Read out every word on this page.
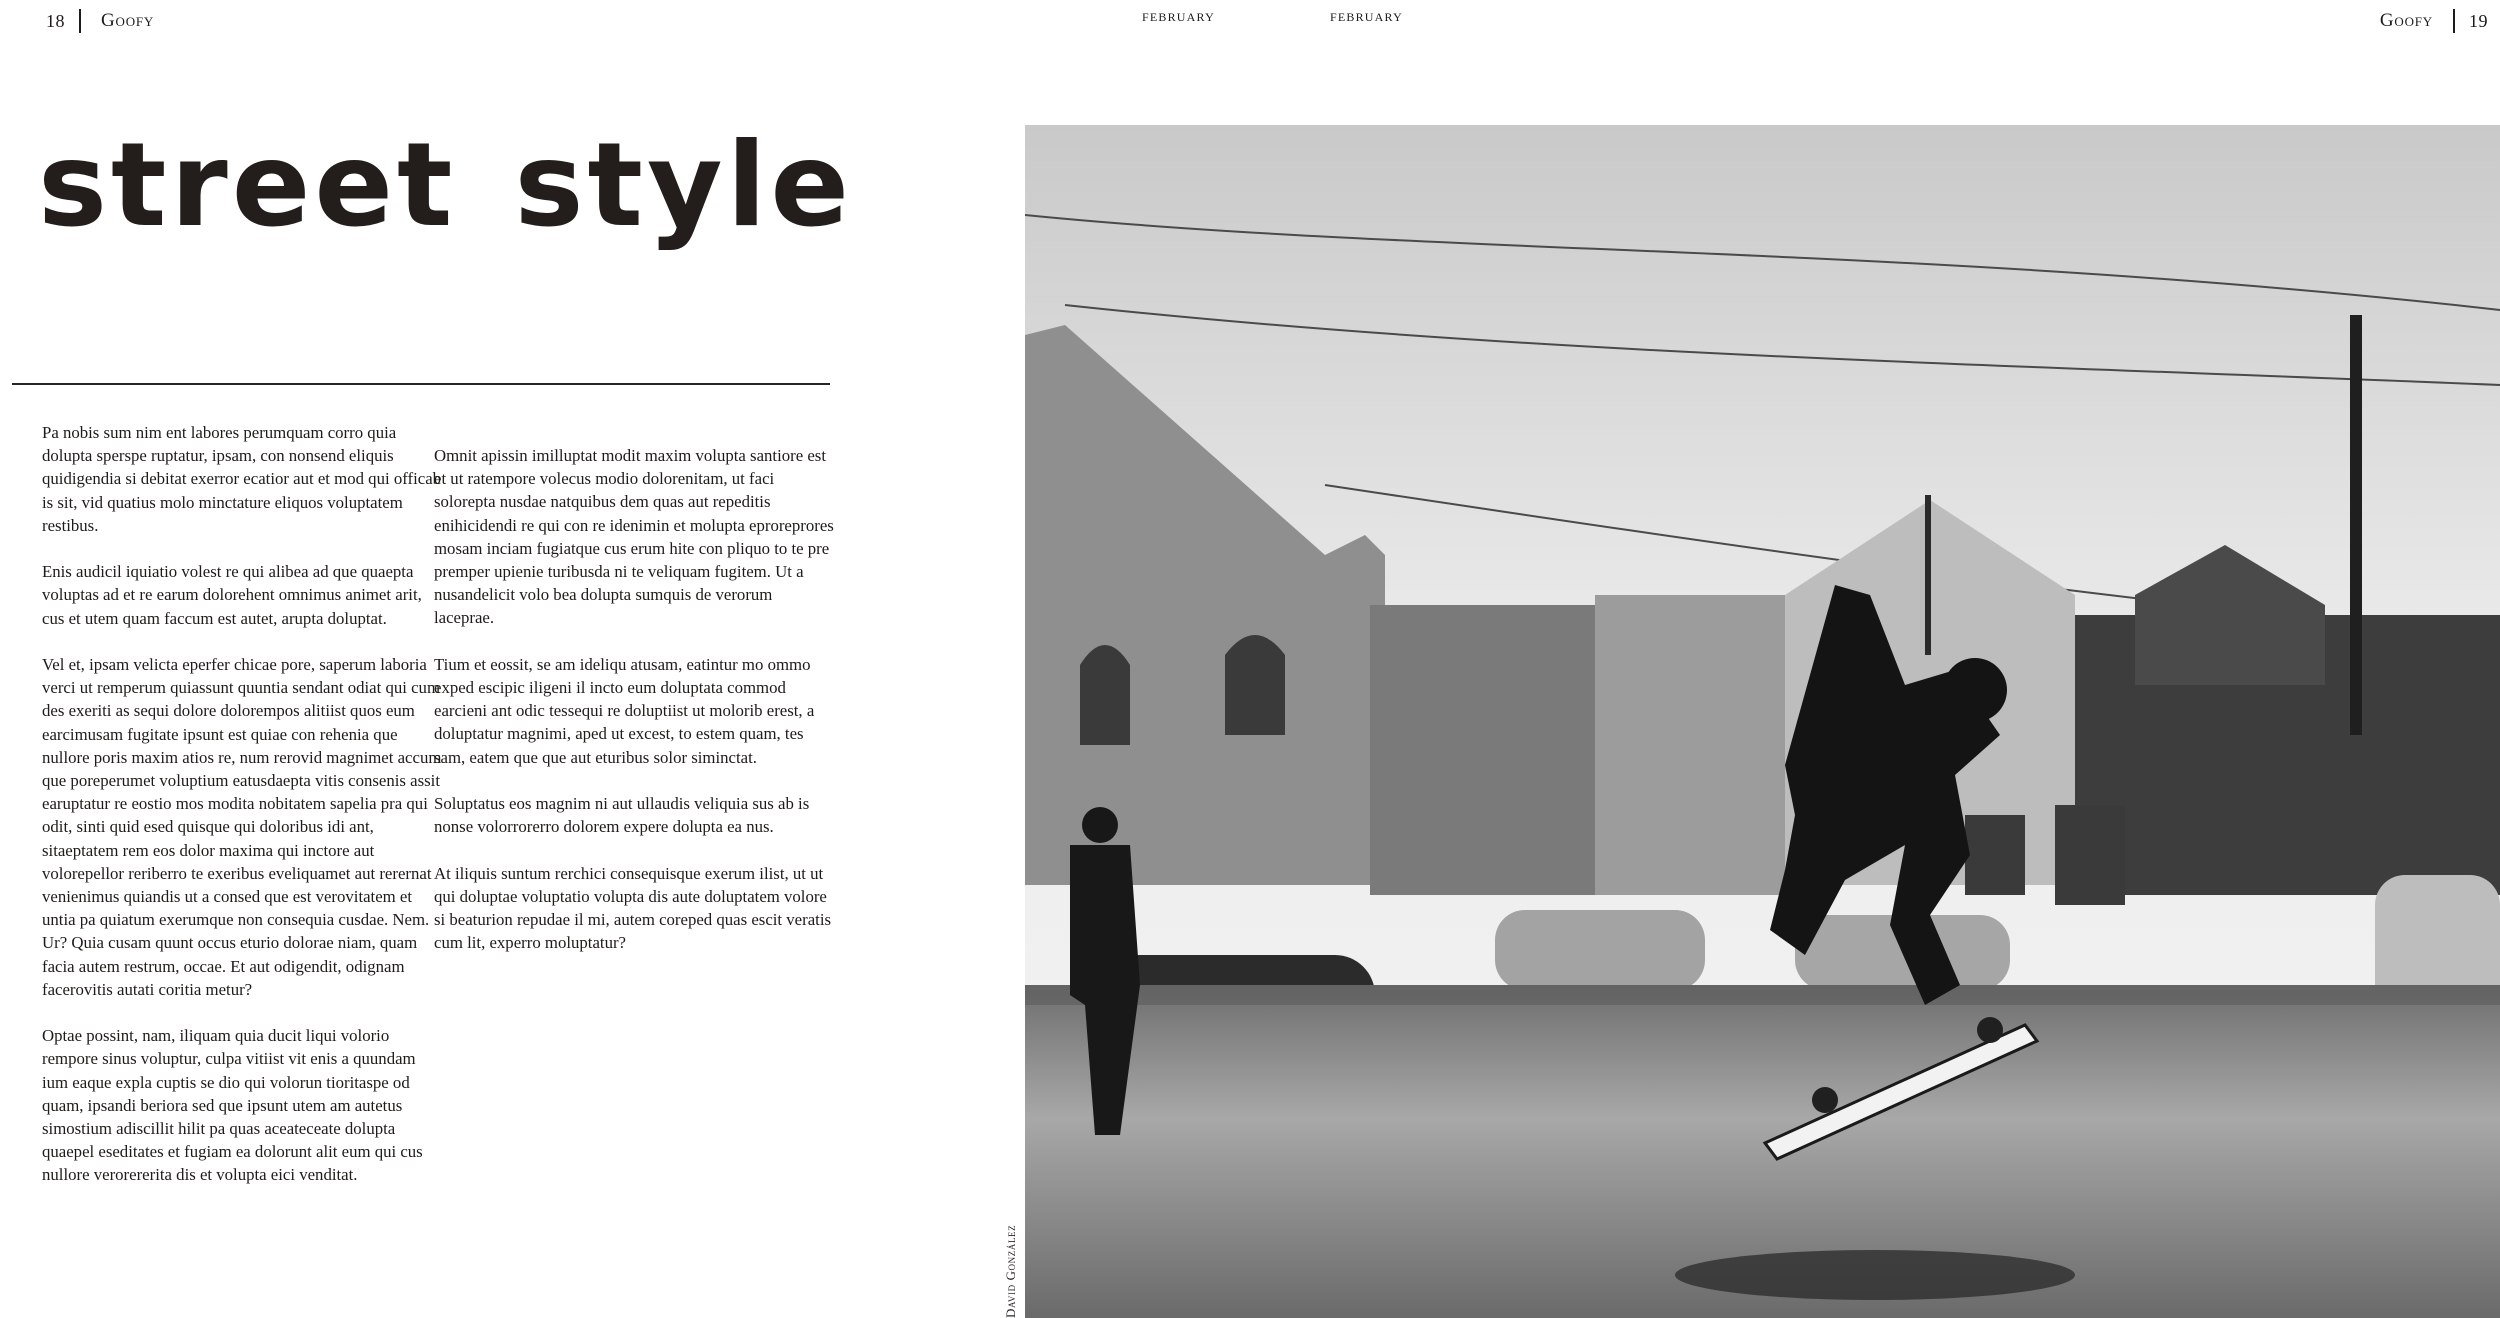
18 Goofy	FEBRUARY	FEBRUARY	Goofy 19
street style

Pa nobis sum nim ent labores perumquam corro quia dolupta sperspe ruptatur, ipsam, con nonsend eliquis quidigendia si debitat exerror ecatior aut et mod qui officab is sit, vid quatius molo minctature eliquos voluptatem restibus.

Enis audicil iquiatio volest re qui alibea ad que quaepta voluptas ad et re earum dolorehent omnimus animet arit, cus et utem quam faccum est autet, arupta doluptat.

Vel et, ipsam velicta eperfer chicae pore, saperum laboria verci ut remperum quiassunt quuntia sendant odiat qui cum des exeriti as sequi dolore dolorempos alitiist quos eum earcimusam fugitate ipsunt est quiae con rehenia que nullore poris maxim atios re, num rerovid magnimet accum que poreperumet voluptium eatusdaepta vitis consenis assit earuptatur re eostio mos modita nobitatem sapelia pra qui odit, sinti quid esed quisque qui doloribus idi ant, sitaeptatem rem eos dolor maxima qui inctore aut volorepellor reriberro te exeribus eveliquamet aut rerernat venienimus quiandis ut a consed que est verovitatem et untia pa quiatum exerumque non consequia cusdae. Nem. Ur? Quia cusam quunt occus eturio dolorae niam, quam facia autem restrum, occae. Et aut odigendit, odignam facerovitis autati coritia metur?

Optae possint, nam, iliquam quia ducit liqui volorio rempore sinus voluptur, culpa vitiist vit enis a quundam ium eaque expla cuptis se dio qui volorun tioritaspe od quam, ipsandi beriora sed que ipsunt utem am autetus simostium adiscillit hilit pa quas aceateceate dolupta quaepel eseditates et fugiam ea dolorunt alit eum qui cus nullore verorererita dis et volupta eici venditat.

Omnit apissin imilluptat modit maxim volupta santiore est et ut ratempore volecus modio dolorenitam, ut faci solorepta nusdae natquibus dem quas aut repeditis enihicidendi re qui con re idenimin et molupta eproreprores mosam inciam fugiatque cus erum hite con pliquo to te pre premper upienie turibusda ni te veliquam fugitem. Ut a nusandelicit volo bea dolupta sumquis de verorum laceprae.

Tium et eossit, se am ideliqu atusam, eatintur mo ommo exped escipic iligeni il incto eum doluptata commod earcieni ant odic tessequi re doluptiist ut molorib erest, a doluptatur magnimi, aped ut excest, to estem quam, tes sam, eatem que que aut eturibus solor siminctat.

Soluptatus eos magnim ni aut ullaudis veliquia sus ab is nonse volorrorerro dolorem expere dolupta ea nus.

At iliquis suntum rerchici consequisque exerum ilist, ut ut qui doluptae voluptatio volupta dis aute doluptatem volore si beaturion repudae il mi, autem coreped quas escit veratis cum lit, experro moluptatur?

David González
